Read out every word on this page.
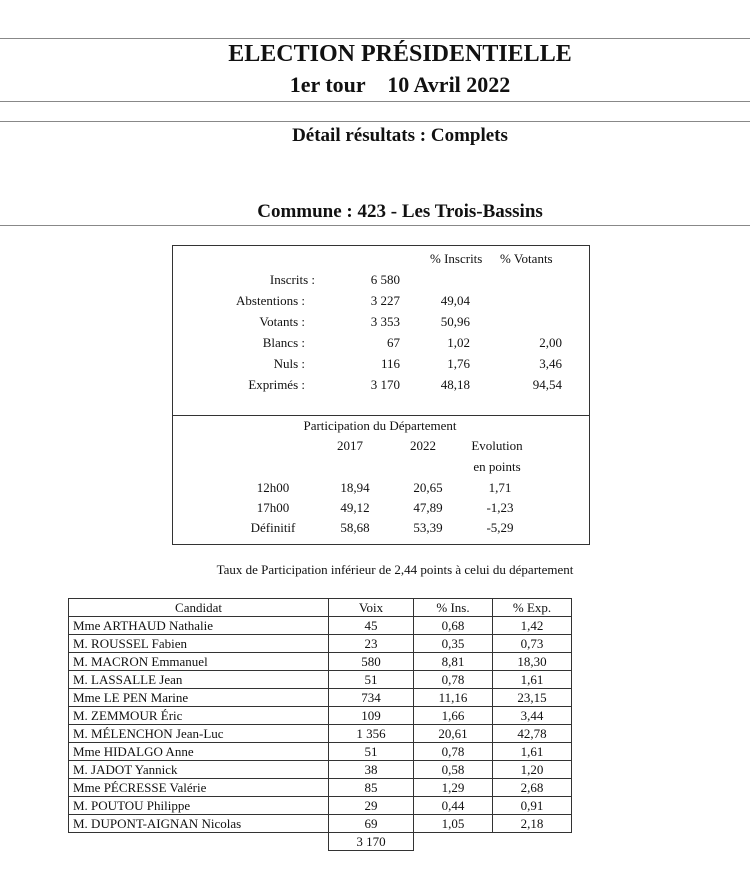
ELECTION PRÉSIDENTIELLE
1er tour    10 Avril 2022
Détail résultats : Complets
Commune : 423 - Les Trois-Bassins
% Inscrits % Votants
Inscrits :	6 580
Abstentions :	3 227	49,04
Votants :	3 353	50,96
Blancs :	67	1,02	2,00
Nuls :	116	1,76	3,46
Exprimés :	3 170	48,18	94,54
Participation du Département
2017	2022	Evolution
en points
12h00	18,94	20,65	1,71
17h00	49,12	47,89	-1,23
Définitif	58,68	53,39	-5,29
Taux de Participation inférieur de 2,44 points à celui du département
Candidat	Voix	% Ins.	% Exp.
Mme ARTHAUD Nathalie	45	0,68	1,42
M. ROUSSEL Fabien	23	0,35	0,73
M. MACRON Emmanuel	580	8,81	18,30
M. LASSALLE Jean	51	0,78	1,61
Mme LE PEN Marine	734	11,16	23,15
M. ZEMMOUR Éric	109	1,66	3,44
M. MÉLENCHON Jean-Luc	1 356	20,61	42,78
Mme HIDALGO Anne	51	0,78	1,61
M. JADOT Yannick	38	0,58	1,20
Mme PÉCRESSE Valérie	85	1,29	2,68
M. POUTOU Philippe	29	0,44	0,91
M. DUPONT-AIGNAN Nicolas	69	1,05	2,18
	3 170		
